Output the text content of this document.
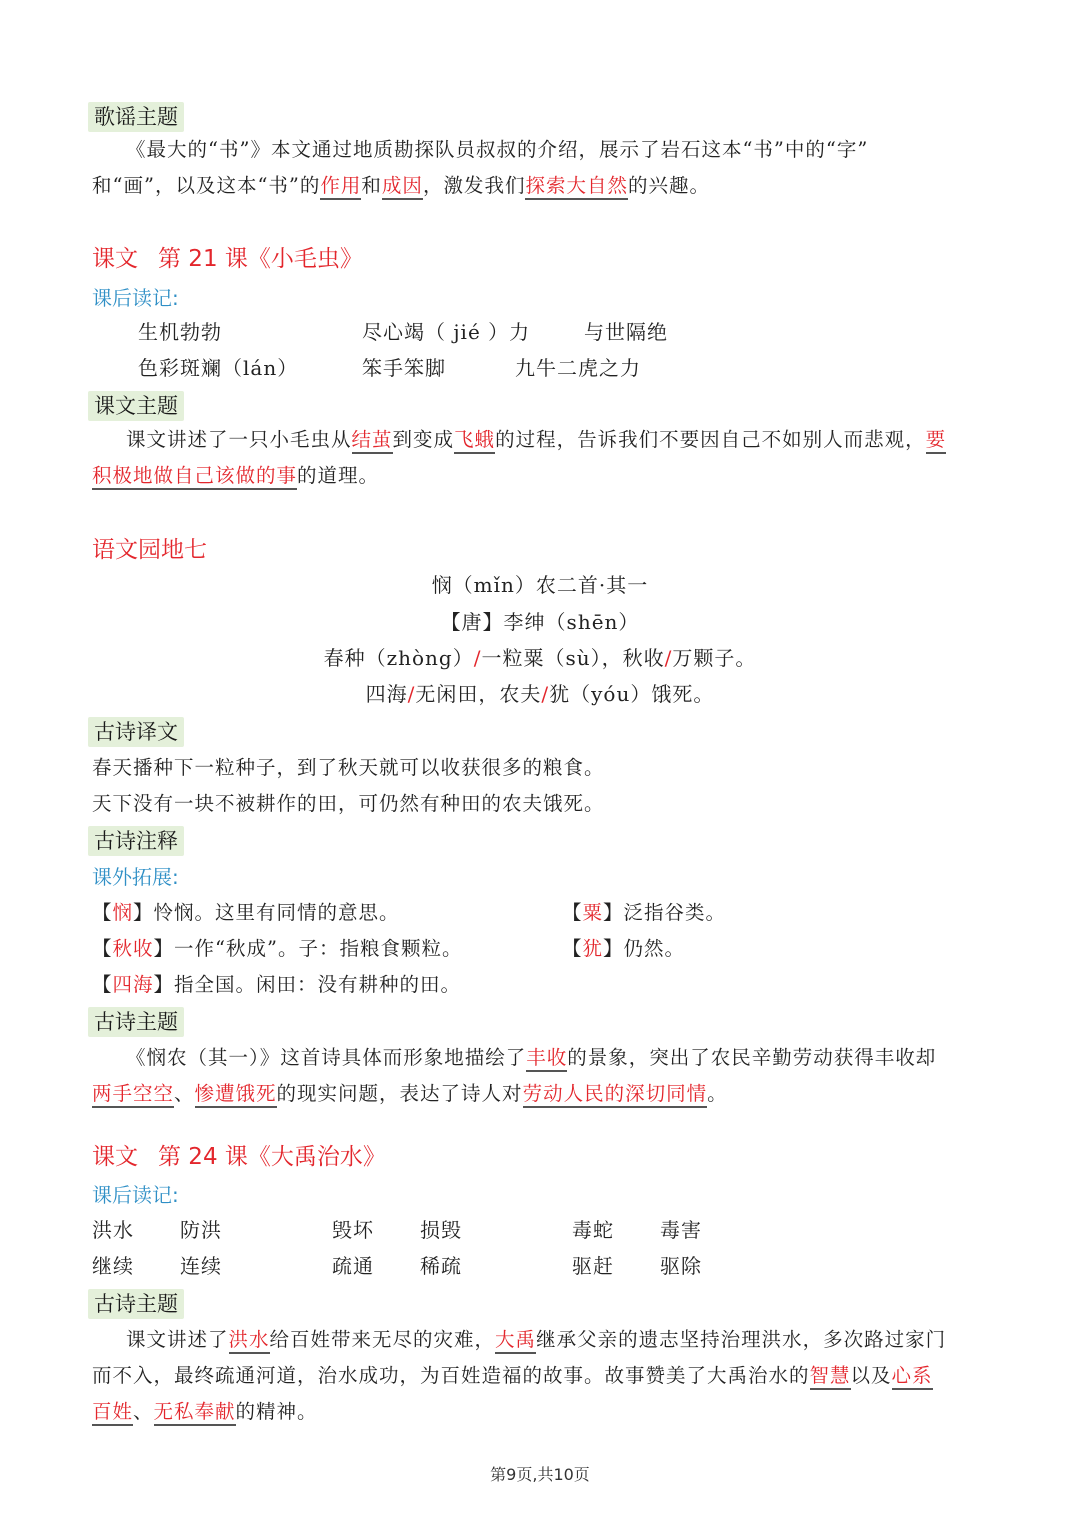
歌谣主题
《最大的“书”》本文通过地质勘探队员叔叔的介绍，展示了岩石这本“书”中的“字”
和“画”，以及这本“书”的作用和成因，激发我们探索大自然的兴趣。
课文 第 21 课《小毛虫》
课后读记:
生机勃勃	尽心竭（ jié ）力	与世隔绝
色彩斑斓（lán）	笨手笨脚	九牛二虎之力
课文主题
课文讲述了一只小毛虫从结茧到变成飞蛾的过程，告诉我们不要因自己不如别人而悲观，要
积极地做自己该做的事的道理。
语文园地七
悯（mǐn）农二首·其一
【唐】李绅（shēn）
春种（zhòng）/一粒粟（sù），秋收/万颗子。
四海/无闲田，农夫/犹（yóu）饿死。
古诗译文
春天播种下一粒种子，到了秋天就可以收获很多的粮食。
天下没有一块不被耕作的田，可仍然有种田的农夫饿死。
古诗注释
课外拓展:
【悯】怜悯。这里有同情的意思。	【粟】泛指谷类。
【秋收】一作“秋成”。子：指粮食颗粒。	【犹】仍然。
【四海】指全国。闲田：没有耕种的田。
古诗主题
《悯农（其一）》这首诗具体而形象地描绘了丰收的景象，突出了农民辛勤劳动获得丰收却
两手空空、惨遭饿死的现实问题，表达了诗人对劳动人民的深切同情。
课文 第 24 课《大禹治水》
课后读记:
洪水 防洪	毁坏 损毁	毒蛇 毒害
继续 连续	疏通 稀疏	驱赶 驱除
古诗主题
课文讲述了洪水给百姓带来无尽的灾难，大禹继承父亲的遗志坚持治理洪水，多次路过家门
而不入，最终疏通河道，治水成功，为百姓造福的故事。故事赞美了大禹治水的智慧以及心系
百姓、无私奉献的精神。
第9页,共10页
